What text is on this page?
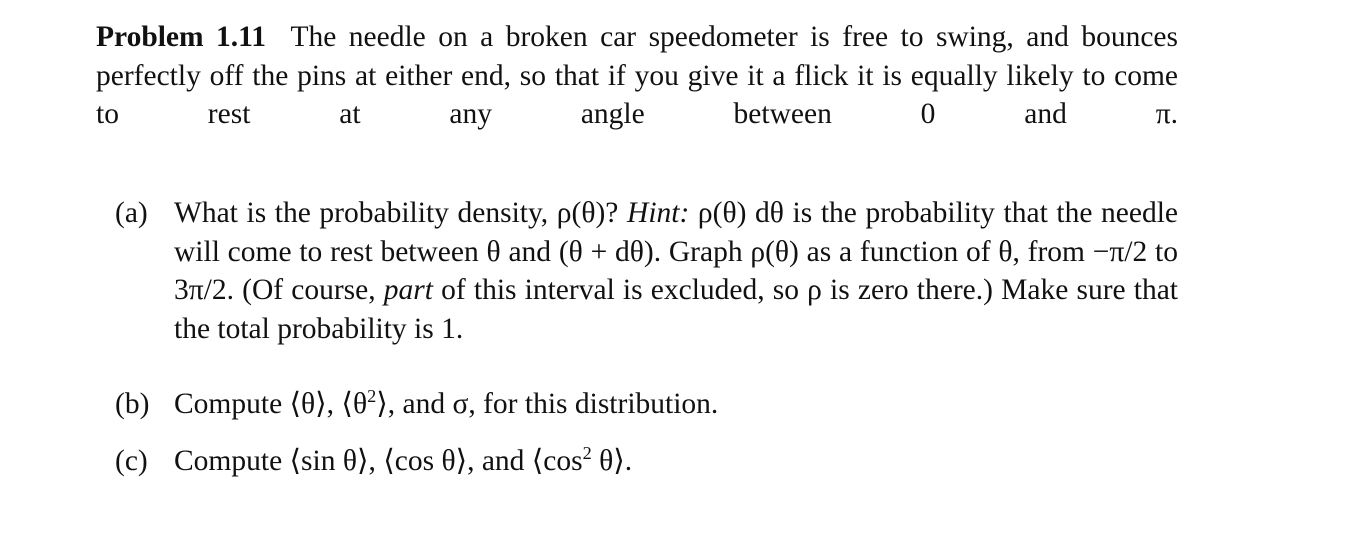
Problem 1.11 The needle on a broken car speedometer is free to swing, and bounces perfectly off the pins at either end, so that if you give it a flick it is equally likely to come to rest at any angle between 0 and π.

(a) What is the probability density, ρ(θ)? Hint: ρ(θ) dθ is the probability that the needle will come to rest between θ and (θ + dθ). Graph ρ(θ) as a function of θ, from −π/2 to 3π/2. (Of course, part of this interval is excluded, so ρ is zero there.) Make sure that the total probability is 1.
(b) Compute ⟨θ⟩, $⟨\theta^2⟩$, and σ, for this distribution.
(c) Compute ⟨sin θ⟩, ⟨cos θ⟩, and $⟨\cos^2$ θ⟩.
